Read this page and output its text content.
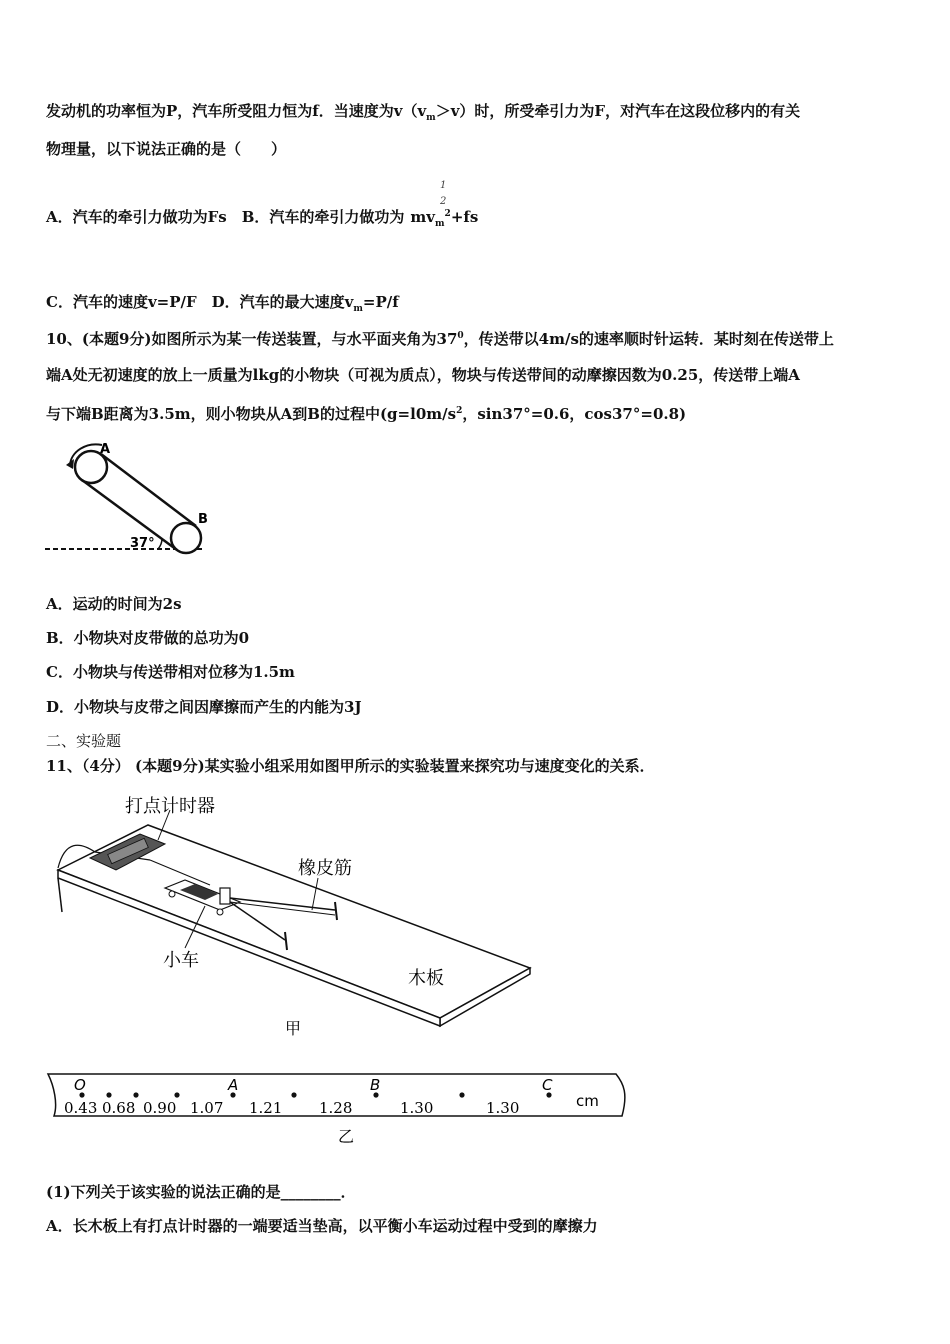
发动机的功率恒为P，汽车所受阻力恒为f．当速度为$v(v_m>v)$时，所受牵引力为F，对汽车在这段位移内的有关
物理量，以下说法正确的是（　　）
1
2
A．汽车的牵引力做功为Fs　B．汽车的牵引力做功为 $mv_m^2+fs$
C．汽车的速度v=P/F　D．汽车的最大速度$v_m=P/f$
10、(本题9分)如图所示为某一传送装置，与水平面夹角为$37^0$，传送带以4m/s的速率顺时针运转．某时刻在传送带上
端A处无初速度的放上一质量为lkg的小物块（可视为质点），物块与传送带间的动摩擦因数为0.25，传送带上端A
与下端B距离为3.5m，则小物块从A到B的过程中($g=l0m/s^2$，sin37°=0.6，cos37°=0.8)
A
B
37°
A．运动的时间为2s
B．小物块对皮带做的总功为0
C．小物块与传送带相对位移为1.5m
D．小物块与皮带之间因摩擦而产生的内能为3J
二、实验题
11、（4分） (本题9分)某实验小组采用如图甲所示的实验装置来探究功与速度变化的关系．
打点计时器
橡皮筋
小车
木板
甲
O	A	B	C
0.43 0.68 0.90 1.07 1.21 1.28	1.30	1.30	cm
乙
(1)下列关于该实验的说法正确的是________．
A．长木板上有打点计时器的一端要适当垫高，以平衡小车运动过程中受到的摩擦力
